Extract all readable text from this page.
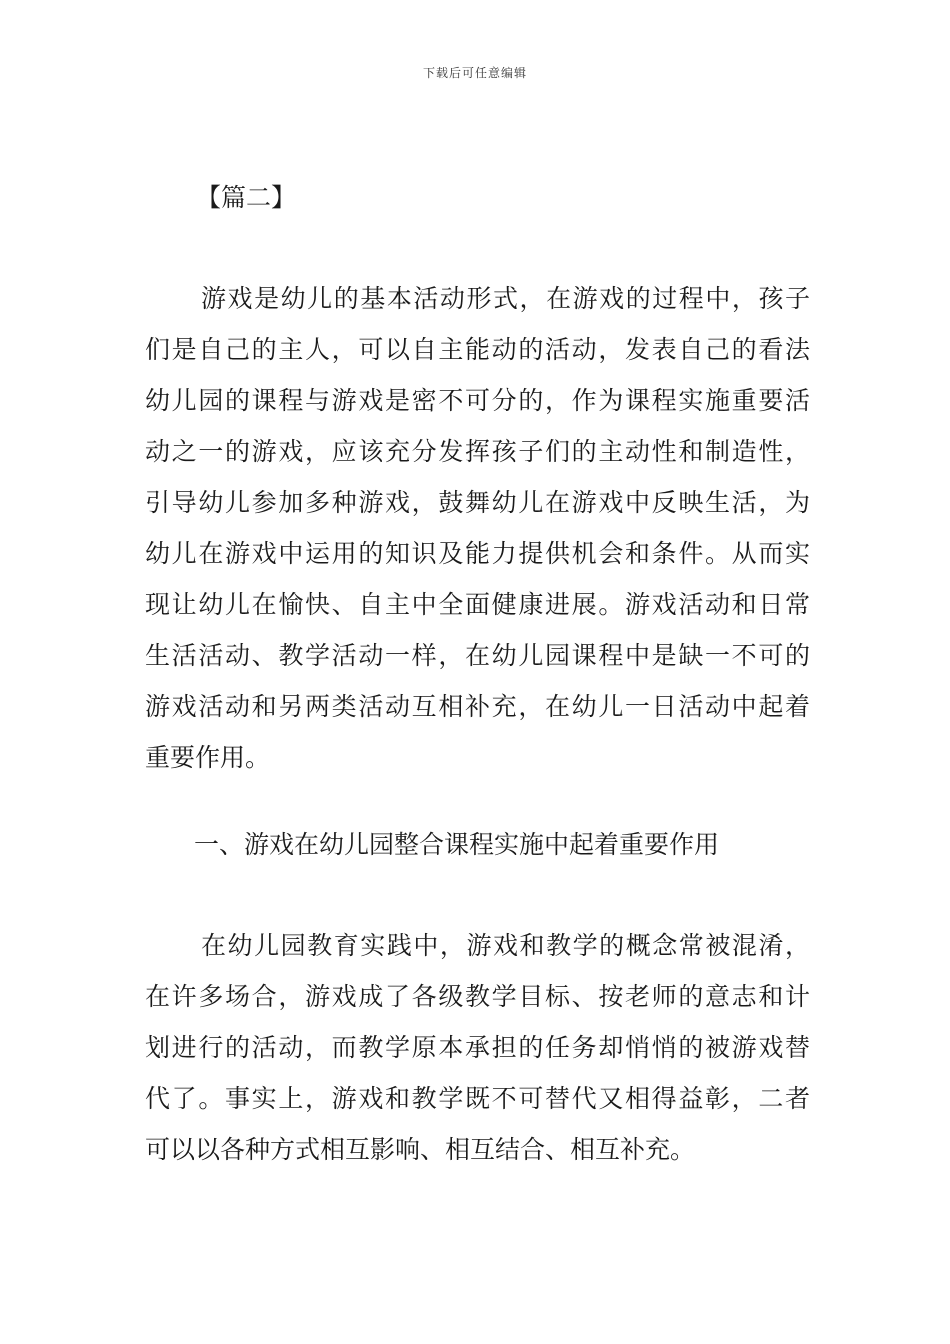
下载后可任意编辑
【篇二】
游戏是幼儿的基本活动形式，在游戏的过程中，孩子
们是自己的主人，可以自主能动的活动，发表自己的看法
幼儿园的课程与游戏是密不可分的，作为课程实施重要活
动之一的游戏，应该充分发挥孩子们的主动性和制造性，
引导幼儿参加多种游戏，鼓舞幼儿在游戏中反映生活，为
幼儿在游戏中运用的知识及能力提供机会和条件。从而实
现让幼儿在愉快、自主中全面健康进展。游戏活动和日常
生活活动、教学活动一样，在幼儿园课程中是缺一不可的
游戏活动和另两类活动互相补充，在幼儿一日活动中起着
重要作用。
一、游戏在幼儿园整合课程实施中起着重要作用
在幼儿园教育实践中，游戏和教学的概念常被混淆，
在许多场合，游戏成了各级教学目标、按老师的意志和计
划进行的活动，而教学原本承担的任务却悄悄的被游戏替
代了。事实上，游戏和教学既不可替代又相得益彰，二者
可以以各种方式相互影响、相互结合、相互补充。
